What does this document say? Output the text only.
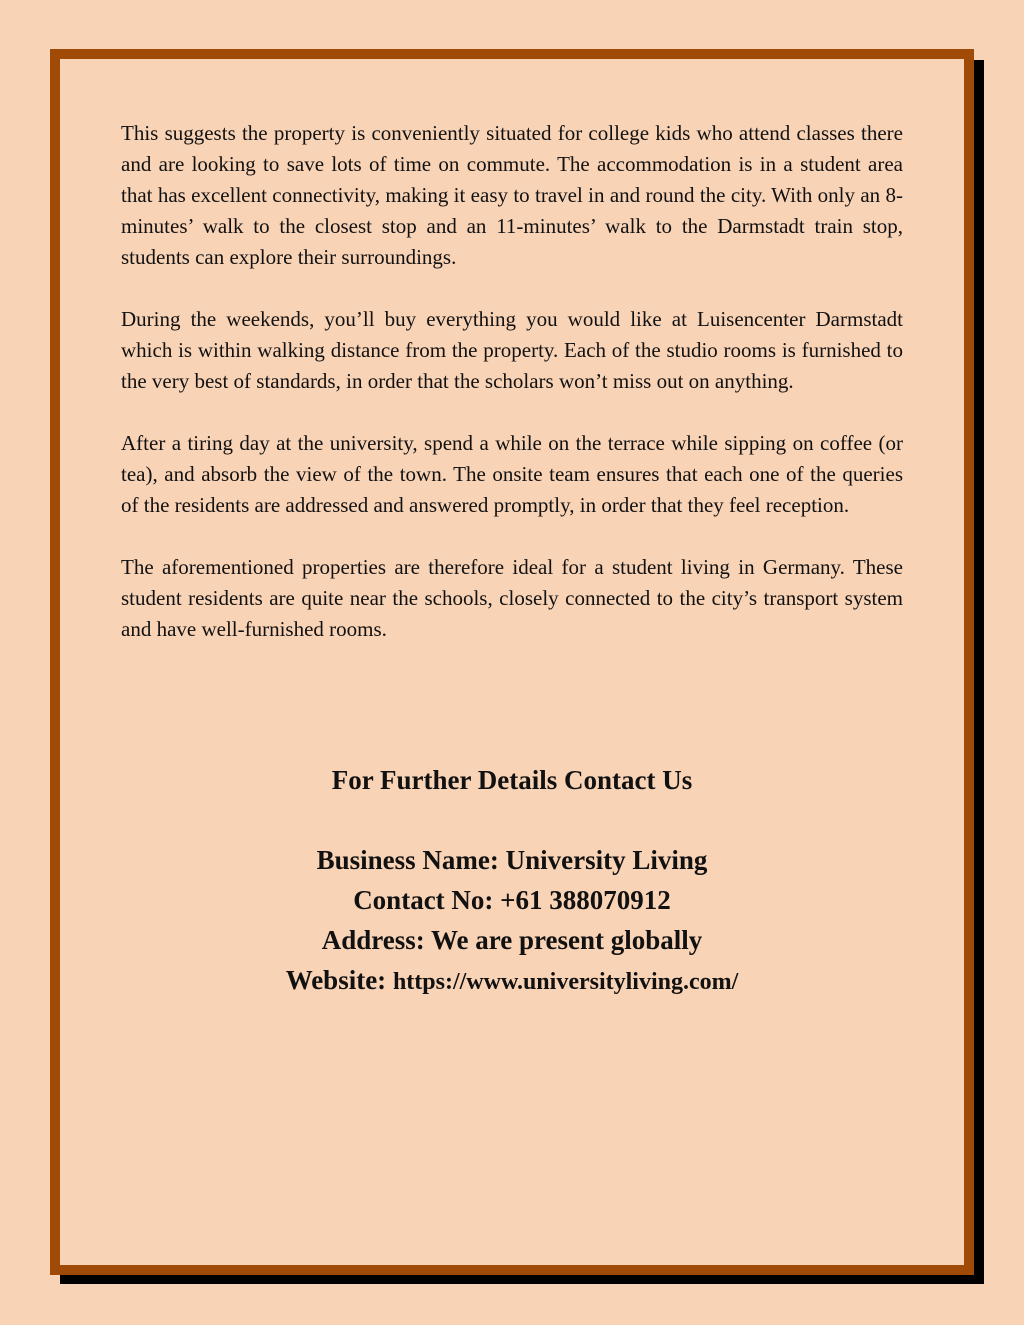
This suggests the property is conveniently situated for college kids who attend classes there and are looking to save lots of time on commute. The accommodation is in a student area that has excellent connectivity, making it easy to travel in and round the city. With only an 8-minutes’ walk to the closest stop and an 11-minutes’ walk to the Darmstadt train stop, students can explore their surroundings.

During the weekends, you’ll buy everything you would like at Luisencenter Darmstadt which is within walking distance from the property. Each of the studio rooms is furnished to the very best of standards, in order that the scholars won’t miss out on anything.

After a tiring day at the university, spend a while on the terrace while sipping on coffee (or tea), and absorb the view of the town. The onsite team ensures that each one of the queries of the residents are addressed and answered promptly, in order that they feel reception.

The aforementioned properties are therefore ideal for a student living in Germany. These student residents are quite near the schools, closely connected to the city’s transport system and have well-furnished rooms.

For Further Details Contact Us
Business Name: University Living
Contact No: +61 388070912
Address: We are present globally
Website: https://www.universityliving.com/
